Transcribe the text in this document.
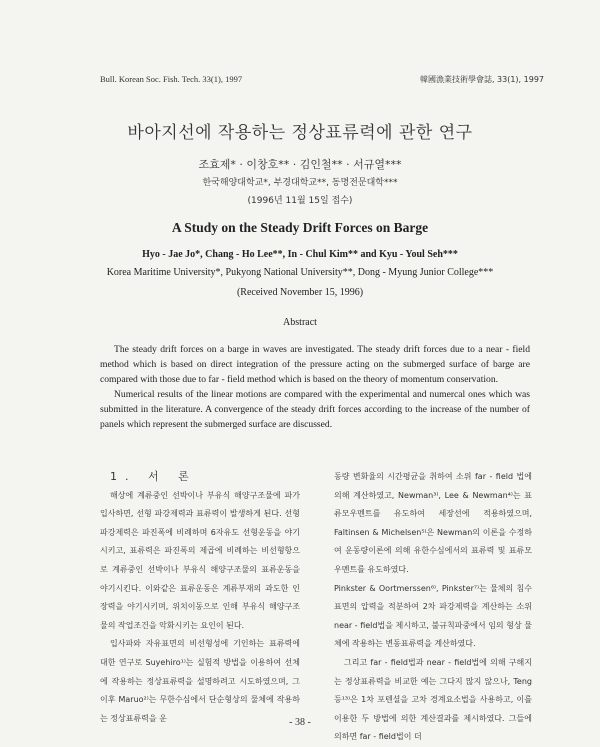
Bull. Korean Soc. Fish. Tech. 33(1), 1997	韓國漁業技術學會誌, 33(1), 1997
바아지선에 작용하는 정상표류력에 관한 연구
조효제* · 이창호** · 김인철** · 서규열***
한국해양대학교*, 부경대학교**, 동명전문대학***
(1996년 11월 15일 접수)
A Study on the Steady Drift Forces on Barge
Hyo - Jae Jo*, Chang - Ho Lee**, In - Chul Kim** and Kyu - Youl Seh***
Korea Maritime University*, Pukyong National University**, Dong - Myung Junior College***
(Received November 15, 1996)
Abstract

The steady drift forces on a barge in waves are investigated. The steady drift forces due to a near - field method which is based on direct integration of the pressure acting on the submerged surface of barge are compared with those due to far - field method which is based on the theory of momentum conservation.

Numerical results of the linear motions are compared with the experimental and numercal ones which was submitted in the literature. A convergence of the steady drift forces according to the increase of the number of panels which represent the submerged surface are discussed.

1. 서 론

해상에 계류중인 선박이나 부유식 해양구조물에 파가 입사하면, 선형 파강제력과 표류력이 발생하게 된다. 선형 파강제력은 파진폭에 비례하며 6자유도 선형운동을 야기시키고, 표류력은 파진폭의 제곱에 비례하는 비선형항으로 계류중인 선박이나 부유식 해양구조물의 표류운동을 야기시킨다. 이와같은 표류운동은 계류부재의 과도한 인장력을 야기시키며, 위치이동으로 인해 부유식 해양구조물의 작업조건을 악화시키는 요인이 된다.

입사파와 자유표면의 비선형성에 기인하는 표류력에 대한 연구로 Suyehiro¹⁾는 실험적 방법을 이용하여 선체에 작용하는 정상표류력을 설명하려고 시도하였으며, 그 이후 Maruo²⁾는 무한수심에서 단순형상의 물체에 작용하는 정상표류력을 운

동량 변화율의 시간평균을 취하여 소위 far - field 법에 의해 계산하였고, Newman³⁾, Lee & Newman⁴⁾는 표류모우멘트를 유도하여 세장선에 적용하였으며, Faltinsen & Michelsen⁵⁾은 Newman의 이론을 수정하여 운동량이론에 의해 유한수심에서의 표류력 및 표류모우멘트를 유도하였다.

Pinkster & Oortmerssen⁶⁾, Pinkster⁷⁾는 물체의 침수표면의 압력을 적분하여 2차 파강제력을 계산하는 소위 near - field법을 제시하고, 불규칙파중에서 임의 형상 물체에 작용하는 변동표류력을 계산하였다.

그리고 far - field법과 near - field법에 의해 구해지는 정상표류력을 비교한 예는 그다지 많지 않으나, Teng 등¹³⁾은 1차 포텐셜을 고차 경계요소법을 사용하고, 이를 이용한 두 방법에 의한 계산결과를 제시하였다. 그들에 의하면 far - field법이 더

- 38 -
